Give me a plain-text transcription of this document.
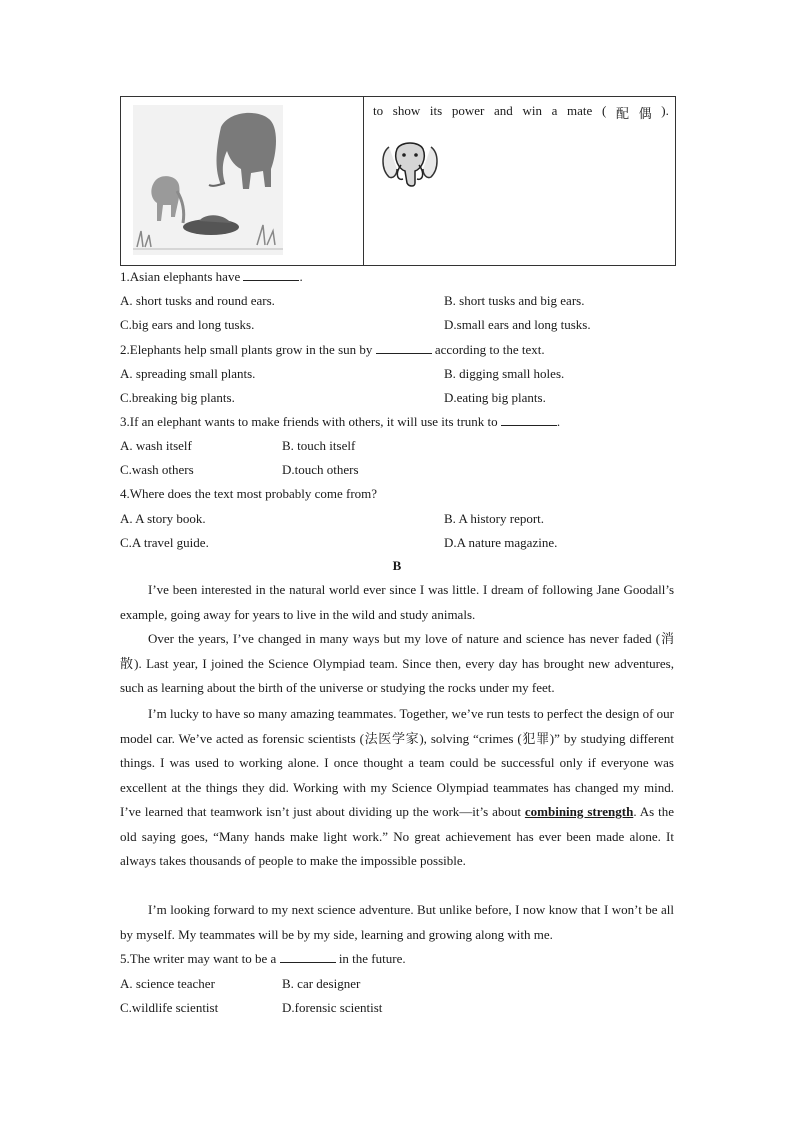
to show its power and win a mate ( 配 偶 ).
1.Asian elephants have	.
A. short tusks and round ears.	B. short tusks and big ears.
C.big ears and long tusks.	D.small ears and long tusks.
2.Elephants help small plants grow in the sun by	according to the text.
A. spreading small plants.	B. digging small holes.
C.breaking big plants.	D.eating big plants.
3.If an elephant wants to make friends with others, it will use its trunk to	.
A. wash itself	B. touch itself
C.wash others	D.touch others
4.Where does the text most probably come from?
A. A story book.	B. A history report.
C.A travel guide.	D.A nature magazine.
B

I’ve been interested in the natural world ever since I was little. I dream of following Jane Goodall’s example, going away for years to live in the wild and study animals.

Over the years, I’ve changed in many ways but my love of nature and science has never faded (消散). Last year, I joined the Science Olympiad team. Since then, every day has brought new adventures, such as learning about the birth of the universe or studying the rocks under my feet.

I’m lucky to have so many amazing teammates. Together, we’ve run tests to perfect the design of our model car. We’ve acted as forensic scientists (法医学家), solving “crimes (犯罪)” by studying different things. I was used to working alone. I once thought a team could be successful only if everyone was excellent at the things they did. Working with my Science Olympiad teammates has changed my mind. I’ve learned that teamwork isn’t just about dividing up the work—it’s about combining strength. As the old saying goes, “Many hands make light work.” No great achievement has ever been made alone. It always takes thousands of people to make the impossible possible.

I’m looking forward to my next science adventure. But unlike before, I now know that I won’t be all by myself. My teammates will be by my side, learning and growing along with me.

5.The writer may want to be a	in the future.
A. science teacher	B. car designer
C.wildlife scientist	D.forensic scientist
